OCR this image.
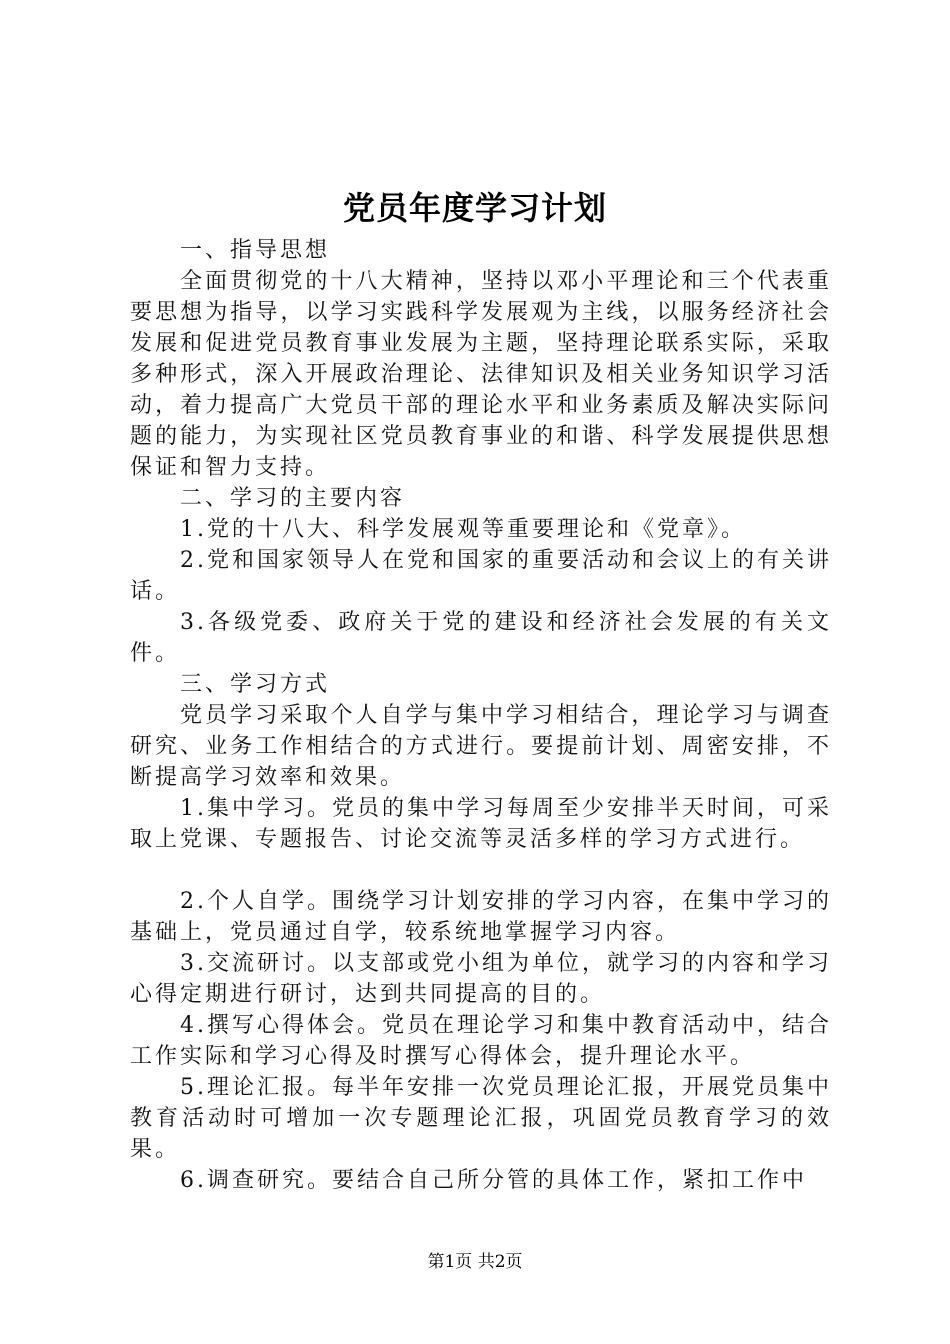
党员年度学习计划

一、指导思想

全面贯彻党的十八大精神，坚持以邓小平理论和三个代表重要思想为指导，以学习实践科学发展观为主线，以服务经济社会发展和促进党员教育事业发展为主题，坚持理论联系实际，采取多种形式，深入开展政治理论、法律知识及相关业务知识学习活动，着力提高广大党员干部的理论水平和业务素质及解决实际问题的能力，为实现社区党员教育事业的和谐、科学发展提供思想保证和智力支持。

二、学习的主要内容

1.党的十八大、科学发展观等重要理论和《党章》。

2.党和国家领导人在党和国家的重要活动和会议上的有关讲话。

3.各级党委、政府关于党的建设和经济社会发展的有关文件。

三、学习方式

党员学习采取个人自学与集中学习相结合，理论学习与调查研究、业务工作相结合的方式进行。要提前计划、周密安排，不断提高学习效率和效果。

1.集中学习。党员的集中学习每周至少安排半天时间，可采取上党课、专题报告、讨论交流等灵活多样的学习方式进行。

2.个人自学。围绕学习计划安排的学习内容，在集中学习的基础上，党员通过自学，较系统地掌握学习内容。

3.交流研讨。以支部或党小组为单位，就学习的内容和学习心得定期进行研讨，达到共同提高的目的。

4.撰写心得体会。党员在理论学习和集中教育活动中，结合工作实际和学习心得及时撰写心得体会，提升理论水平。

5.理论汇报。每半年安排一次党员理论汇报，开展党员集中教育活动时可增加一次专题理论汇报，巩固党员教育学习的效果。

6.调查研究。要结合自己所分管的具体工作，紧扣工作中

第1页 共2页
